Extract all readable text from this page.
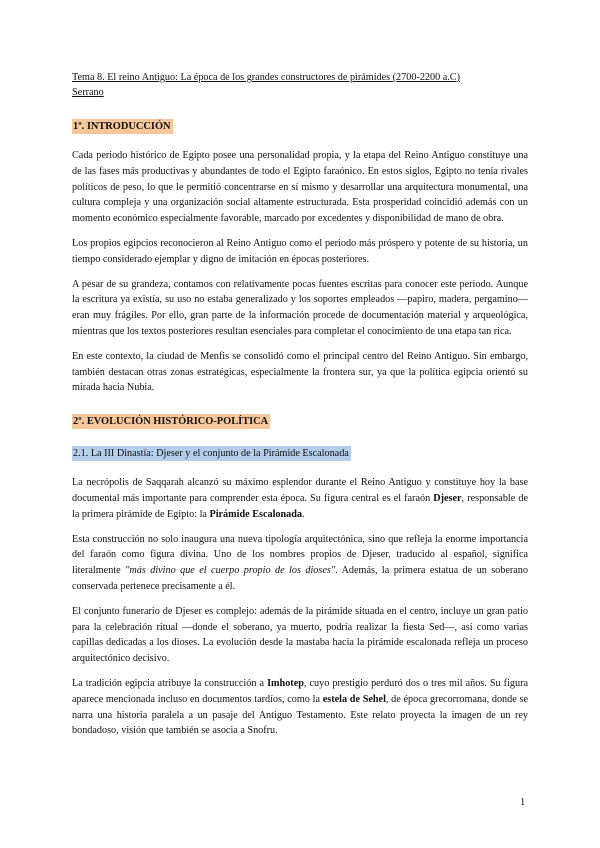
Tema 8. El reino Antiguo: La época de los grandes constructores de pirámides (2700-2200 a.C)
Serrano
1º. INTRODUCCIÓN

Cada periodo histórico de Egipto posee una personalidad propia, y la etapa del Reino Antiguo constituye una de las fases más productivas y abundantes de todo el Egipto faraónico. En estos siglos, Egipto no tenía rivales políticos de peso, lo que le permitió concentrarse en sí mismo y desarrollar una arquitectura monumental, una cultura compleja y una organización social altamente estructurada. Esta prosperidad coincidió además con un momento económico especialmente favorable, marcado por excedentes y disponibilidad de mano de obra.

Los propios egipcios reconocieron al Reino Antiguo como el periodo más próspero y potente de su historia, un tiempo considerado ejemplar y digno de imitación en épocas posteriores.

A pesar de su grandeza, contamos con relativamente pocas fuentes escritas para conocer este periodo. Aunque la escritura ya existía, su uso no estaba generalizado y los soportes empleados —papiro, madera, pergamino— eran muy frágiles. Por ello, gran parte de la información procede de documentación material y arqueológica, mientras que los textos posteriores resultan esenciales para completar el conocimiento de una etapa tan rica.

En este contexto, la ciudad de Menfis se consolidó como el principal centro del Reino Antiguo. Sin embargo, también destacan otras zonas estratégicas, especialmente la frontera sur, ya que la política egipcia orientó su mirada hacia Nubia.

2º. EVOLUCIÓN HISTÓRICO-POLÍTICA
2.1. La III Dinastía: Djeser y el conjunto de la Pirámide Escalonada

La necrópolis de Saqqarah alcanzó su máximo esplendor durante el Reino Antiguo y constituye hoy la base documental más importante para comprender esta época. Su figura central es el faraón Djeser, responsable de la primera pirámide de Egipto: la Pirámide Escalonada.

Esta construcción no solo inaugura una nueva tipología arquitectónica, sino que refleja la enorme importancia del faraón como figura divina. Uno de los nombres propios de Djeser, traducido al español, significa literalmente "más divino que el cuerpo propio de los dioses". Además, la primera estatua de un soberano conservada pertenece precisamente a él.

El conjunto funerario de Djeser es complejo: además de la pirámide situada en el centro, incluye un gran patio para la celebración ritual —donde el soberano, ya muerto, podría realizar la fiesta Sed—, así como varias capillas dedicadas a los dioses. La evolución desde la mastaba hacia la pirámide escalonada refleja un proceso arquitectónico decisivo.

La tradición egipcia atribuye la construcción a Imhotep, cuyo prestigio perduró dos o tres mil años. Su figura aparece mencionada incluso en documentos tardíos, como la estela de Sehel, de época grecorromana, donde se narra una historia paralela a un pasaje del Antiguo Testamento. Este relato proyecta la imagen de un rey bondadoso, visión que también se asocia a Snofru.

1
